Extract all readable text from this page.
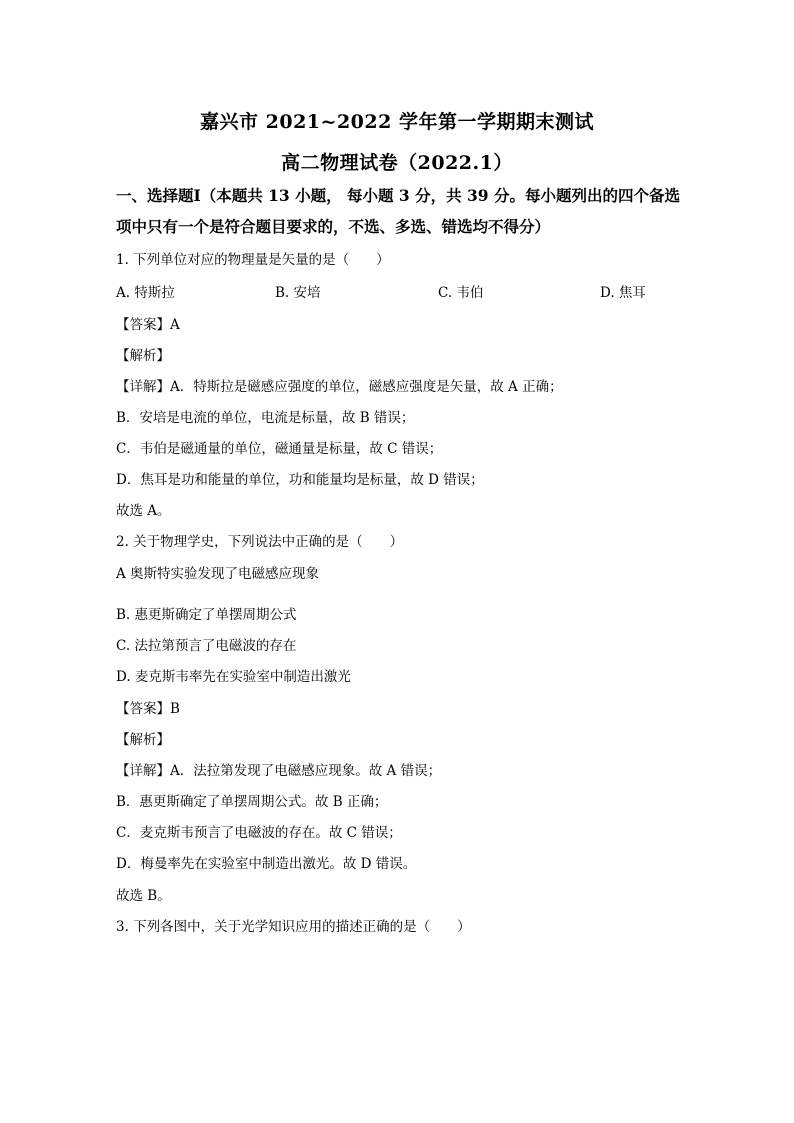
嘉兴市 2021~2022 学年第一学期期末测试
高二物理试卷（2022.1）
一、选择题Ⅰ（本题共 13 小题， 每小题 3 分，共 39 分。每小题列出的四个备选
项中只有一个是符合题目要求的，不选、多选、错选均不得分）
1. 下列单位对应的物理量是矢量的是（　　）
A. 特斯拉	B. 安培	C. 韦伯	D. 焦耳
【答案】A
【解析】
【详解】A．特斯拉是磁感应强度的单位，磁感应强度是矢量，故 A 正确；
B．安培是电流的单位，电流是标量，故 B 错误；
C．韦伯是磁通量的单位，磁通量是标量，故 C 错误；
D．焦耳是功和能量的单位，功和能量均是标量，故 D 错误；
故选 A。
2. 关于物理学史，下列说法中正确的是（　　）
A 奥斯特实验发现了电磁感应现象
B. 惠更斯确定了单摆周期公式
C. 法拉第预言了电磁波的存在
D. 麦克斯韦率先在实验室中制造出激光
【答案】B
【解析】
【详解】A．法拉第发现了电磁感应现象。故 A 错误；
B．惠更斯确定了单摆周期公式。故 B 正确；
C．麦克斯韦预言了电磁波的存在。故 C 错误；
D．梅曼率先在实验室中制造出激光。故 D 错误。
故选 B。
3. 下列各图中，关于光学知识应用的描述正确的是（　　）
